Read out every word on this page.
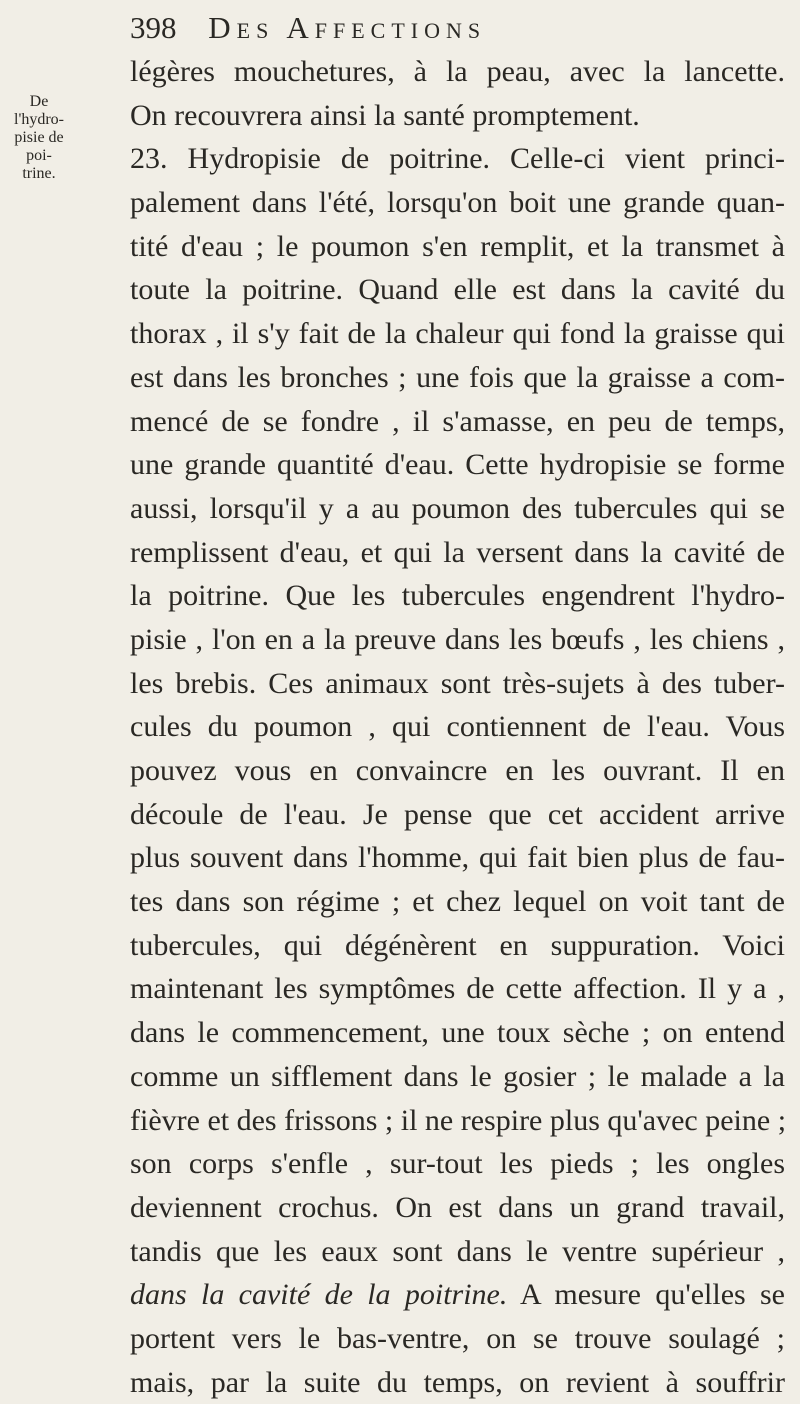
398 Des Affections
De l'hydro-
pisie de poi-
trine.
légères mouchetures, à la peau, avec la lancette.
On recouvrera ainsi la santé promptement.
23. Hydropisie de poitrine. Celle-ci vient princi-
palement dans l'été, lorsqu'on boit une grande quan-
tité d'eau ; le poumon s'en remplit, et la transmet à
toute la poitrine. Quand elle est dans la cavité du
thorax , il s'y fait de la chaleur qui fond la graisse qui
est dans les bronches ; une fois que la graisse a com-
mencé de se fondre , il s'amasse, en peu de temps,
une grande quantité d'eau. Cette hydropisie se forme
aussi, lorsqu'il y a au poumon des tubercules qui se
remplissent d'eau, et qui la versent dans la cavité de
la poitrine. Que les tubercules engendrent l'hydro-
pisie , l'on en a la preuve dans les bœufs , les chiens ,
les brebis. Ces animaux sont très-sujets à des tuber-
cules du poumon , qui contiennent de l'eau. Vous
pouvez vous en convaincre en les ouvrant. Il en
découle de l'eau. Je pense que cet accident arrive
plus souvent dans l'homme, qui fait bien plus de fau-
tes dans son régime ; et chez lequel on voit tant de
tubercules, qui dégénèrent en suppuration. Voici
maintenant les symptômes de cette affection. Il y a ,
dans le commencement, une toux sèche ; on entend
comme un sifflement dans le gosier ; le malade a la
fièvre et des frissons ; il ne respire plus qu'avec peine ;
son corps s'enfle , sur-tout les pieds ; les ongles
deviennent crochus. On est dans un grand travail,
tandis que les eaux sont dans le ventre supérieur ,
dans la cavité de la poitrine. A mesure qu'elles se
portent vers le bas-ventre, on se trouve soulagé ;
mais, par la suite du temps, on revient à souffrir
